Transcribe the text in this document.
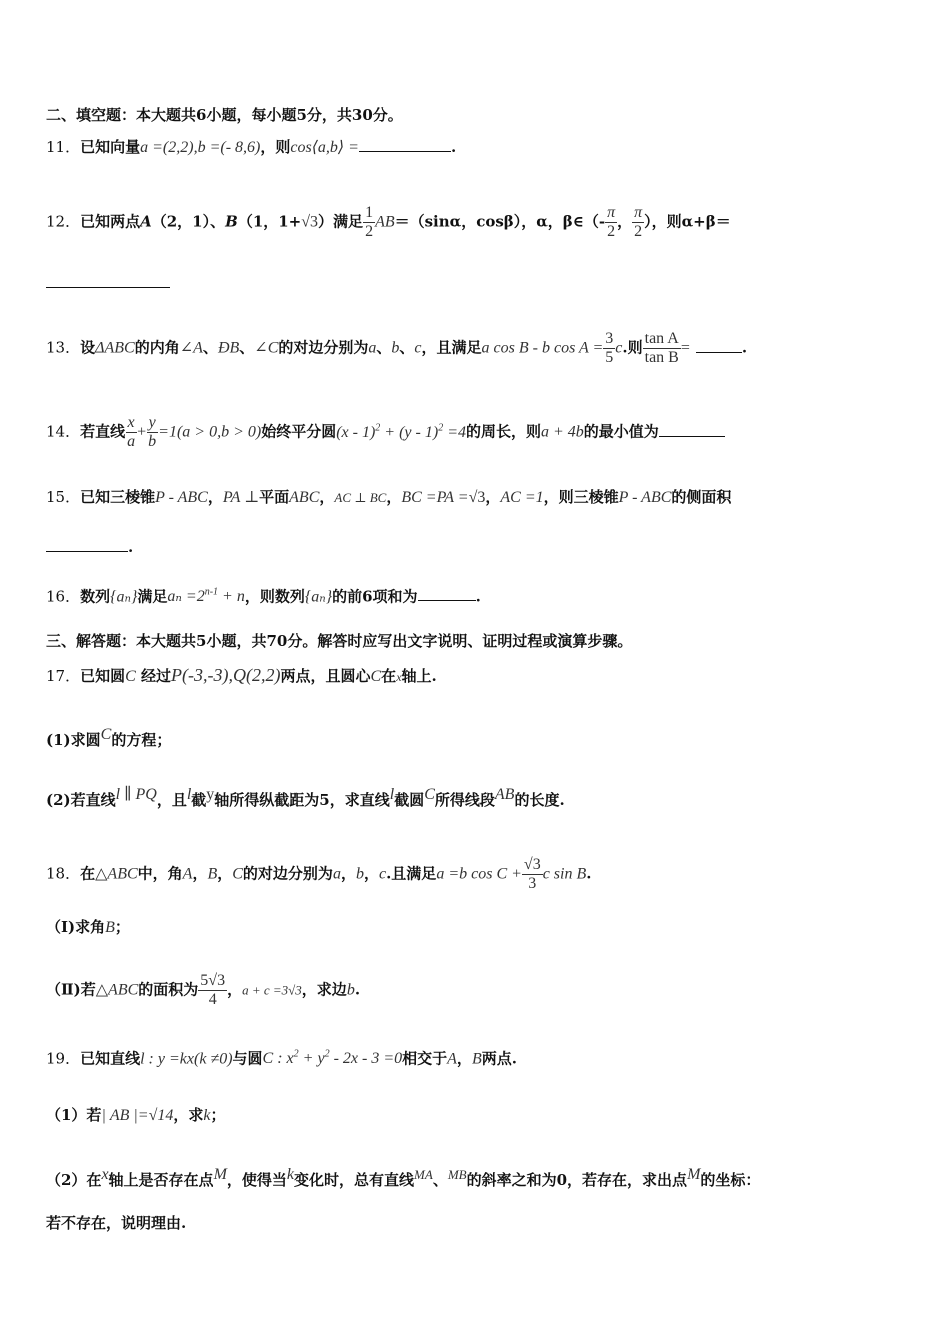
二、填空题：本大题共6小题，每小题5分，共30分。
11．已知向量a =(2,2),b =(- 8,6)，则cos⟨a,b⟩ =	.
12．已知两点A（2，1）、B（1，1+√3）满足 $\frac{1}{2} AB=(\sin\alpha$，cosβ），α，β∈（- $\frac{\pi}{2}$ ， $\frac{\pi}{2}$ ），则α+β＝
13．设ΔABC的内角∠A、ÐB、∠C的对边分别为a、b、c，且满足a cos B - b $\cos A = \frac{3}{5} c$.则 $\frac{\text{tan A}}{\text{tan B}}$ =	.
14．若直线 $\frac{x}{a} + \frac{y}{b} =1(a > 0,b > 0)$始终平分圆(x - 1)$^2$ + (y - 1)$^2$ =4的周长，则a + 4b的最小值为
15．已知三棱锥P - ABC，PA ⊥平面ABC，AC ⊥ BC，BC =PA =√3，AC =1，则三棱锥P - ABC的侧面积
.
16．数列{aₙ}满足$a_n =2^{n-1} + n$，则数列{aₙ}的前6项和为	.
三、解答题：本大题共5小题，共70分。解答时应写出文字说明、证明过程或演算步骤。
17．已知圆C 经过P(-3,-3),Q(2,2)两点，且圆心C在x轴上.
(1)求圆C的方程；
(2)若直线l ∥ PQ，且l截y轴所得纵截距为5，求直线l截圆C所得线段AB的长度.
18．在△ABC中，角A，B，C的对边分别为a，b，c.且满足a =b $\cos C + \frac{√3}{3}$ c sin B.
（Ⅰ)求角B；
（Ⅱ)若△ABC的面积为 $\frac{5√3}{4}$ ，a + c =3√3，求边b.
19．已知直线l : y =kx(k ≠0)与圆C : $x^2 + y^2 - 2x - 3 =0$相交于A，B两点.
（1）若| AB |=√14，求k；
（2）在x轴上是否存在点M，使得当k变化时，总有直线MA、MB的斜率之和为0，若存在，求出点M的坐标：
若不存在，说明理由.
